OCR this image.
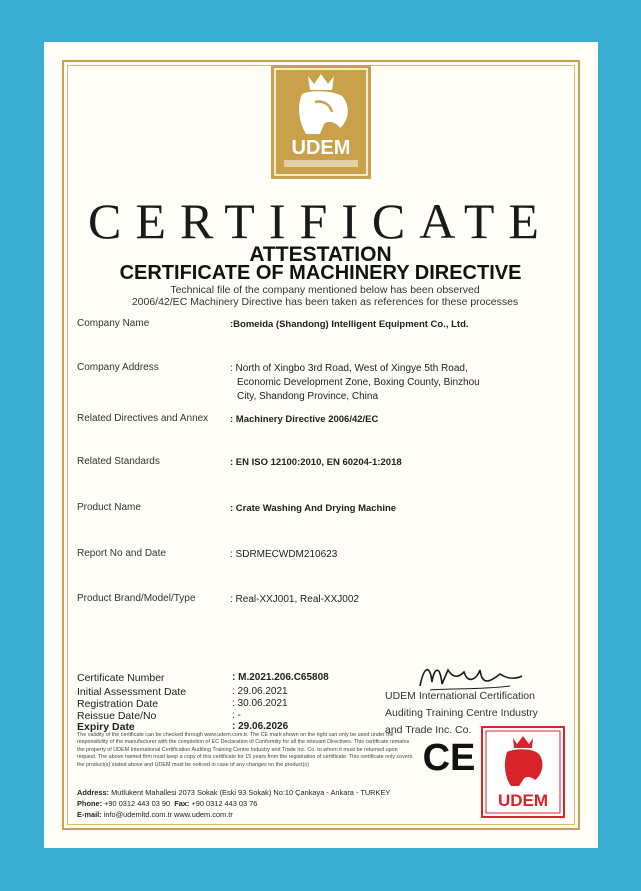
UDEM
CERTIFICATE
ATTESTATION
CERTIFICATE OF MACHINERY DIRECTIVE
Technical file of the company mentioned below has been observed
2006/42/EC Machinery Directive has been taken as references for these processes
Company Name	:Bomeida (Shandong) Intelligent Equipment Co., Ltd.
Company Address	: North of Xingbo 3rd Road, West of Xingye 5th Road,
Economic Development Zone, Boxing County, Binzhou
City, Shandong Province, China
Related Directives and Annex : Machinery Directive 2006/42/EC
Related Standards	: EN ISO 12100:2010, EN 60204-1:2018
Product Name	: Crate Washing And Drying Machine
Report No and Date	: SDRMECWDM210623
Product Brand/Model/Type	: Real-XXJ001, Real-XXJ002
Certificate Number	: M.2021.206.C65808
Initial Assessment Date	: 29.06.2021
Registration Date	: 30.06.2021
Reissue Date/No	: -
Expiry Date	: 29.06.2026
The validity of the certificate can be checked through www.udem.com.tr. The CE mark shown on the right can only be used under the responsibility of the manufacturer with the completion of EC Declaration of Conformity for all the relevant Directives. This certificate remains the property of UDEM International Certification Auditing Training Centre Industry and Trade Inc. Co. to whom it must be returned upon request. The above named firm must keep a copy of this certificate for 15 years from the registration of certificate. This certificate only covers the product(s) stated above and UDEM must be noticed in case of any changes on the product(s)
Address: Mutlukent Mahallesi 2073 Sokak (Eski 93 Sokak) No:10 Çankaya - Ankara - TURKEY
Phone: +90 0312 443 03 90 Fax: +90 0312 443 03 76
E-mail: info@udemltd.com.tr www.udem.com.tr
UDEM International Certification
Auditing Training Centre Industry
and Trade Inc. Co.
CE
UDEM
